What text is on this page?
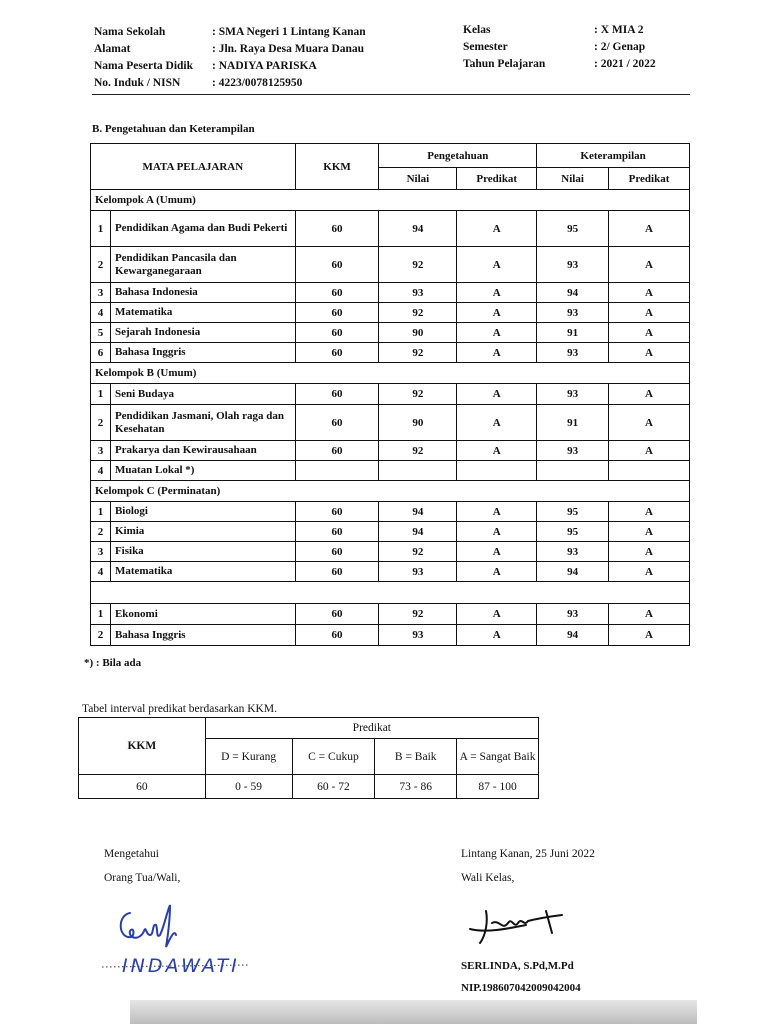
Nama Sekolah	: SMA Negeri 1 Lintang Kanan
Alamat	: Jln. Raya Desa Muara Danau
Nama Peserta Didik	: NADIYA PARISKA
No. Induk / NISN	: 4223/0078125950
Kelas	: X MIA 2
Semester	: 2/ Genap
Tahun Pelajaran	: 2021 / 2022
B. Pengetahuan dan Keterampilan
MATA PELAJARAN		KKM	Pengetahuan		Keterampilan	
			Nilai	Predikat	Nilai	Predikat
Kelompok A (Umum)						
1	Pendidikan Agama dan Budi Pekerti	60	94	A	95	A
2	Pendidikan Pancasila dan Kewarganegaraan	60	92	A	93	A
3	Bahasa Indonesia	60	93	A	94	A
4	Matematika	60	92	A	93	A
5	Sejarah Indonesia	60	90	A	91	A
6	Bahasa Inggris	60	92	A	93	A
Kelompok B (Umum)						
1	Seni Budaya	60	92	A	93	A
2	Pendidikan Jasmani, Olah raga dan Kesehatan	60	90	A	91	A
3	Prakarya dan Kewirausahaan	60	92	A	93	A
4	Muatan Lokal *)					
Kelompok C (Perminatan)						
1	Biologi	60	94	A	95	A
2	Kimia	60	94	A	95	A
3	Fisika	60	92	A	93	A
4	Matematika	60	93	A	94	A

1	Ekonomi	60	92	A	93	A
2	Bahasa Inggris	60	93	A	94	A
*) : Bila ada
Tabel interval predikat berdasarkan KKM.
KKM	Predikat			
	D = Kurang	C = Cukup	B = Baik	A = Sangat Baik
60	0 - 59	60 - 72	73 - 86	87 - 100
Mengetahui
Orang Tua/Wali,
INDAWATI
Lintang Kanan, 25 Juni 2022
Wali Kelas,
SERLINDA, S.Pd,M.Pd
NIP.198607042009042004
